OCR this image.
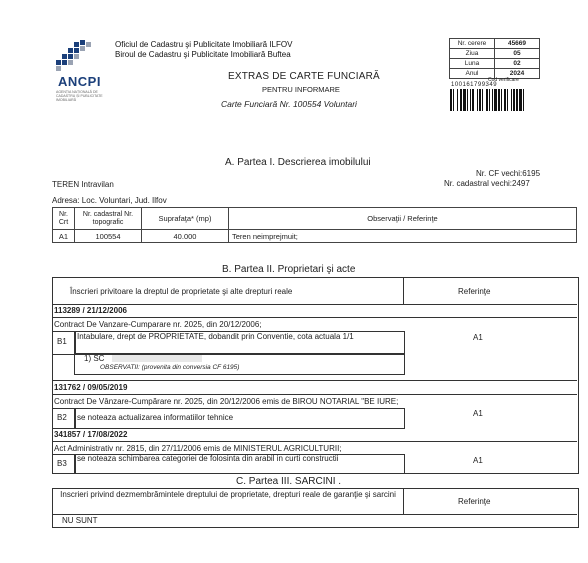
ANCPI
AGENȚIA NAȚIONALĂ DE CADASTRU ȘI PUBLICITATE IMOBILIARĂ
Oficiul de Cadastru şi Publicitate Imobiliară ILFOV
Biroul de Cadastru şi Publicitate Imobiliară Buftea
EXTRAS DE CARTE FUNCIARĂ
PENTRU INFORMARE
Carte Funciară Nr. 100554 Voluntari
Nr. cerere	45669
Ziua	05
Luna	02
Anul	2024
Cod verificare
100161799349
A. Partea I. Descrierea imobilului
Nr. CF vechi:6195
Nr. cadastral vechi:2497
TEREN Intravilan
Adresa: Loc. Voluntari, Jud. Ilfov
Nr. Crt	Nr. cadastral Nr. topografic	Suprafaţa* (mp)	Observaţii / Referinţe
A1	100554	40.000	Teren neimprejmuit;
B. Partea II. Proprietari şi acte
Înscrieri privitoare la dreptul de proprietate şi alte drepturi reale	Referinţe
113289 / 21/12/2006
Contract De Vanzare-Cumparare nr. 2025, din 20/12/2006;
B1
Intabulare, drept de PROPRIETATE, dobandit prin Conventie, cota actuala 1/1	A1
1) SC
OBSERVATII: (provenita din conversia CF 6195)
131762 / 09/05/2019
Contract De Vânzare-Cumpărare nr. 2025, din 20/12/2006 emis de BIROU NOTARIAL "BE IURE;
B2 se noteaza actualizarea informatiilor tehnice	A1
341857 / 17/08/2022
Act Administrativ nr. 2815, din 27/11/2006 emis de MINISTERUL AGRICULTURII;
B3
se noteaza schimbarea categoriei de folosinta din arabil in curti constructii	A1
C. Partea III. SARCINI .
Inscrieri privind dezmembrămintele dreptului de proprietate, drepturi reale de garanţie şi sarcini
Referinţe
NU SUNT
